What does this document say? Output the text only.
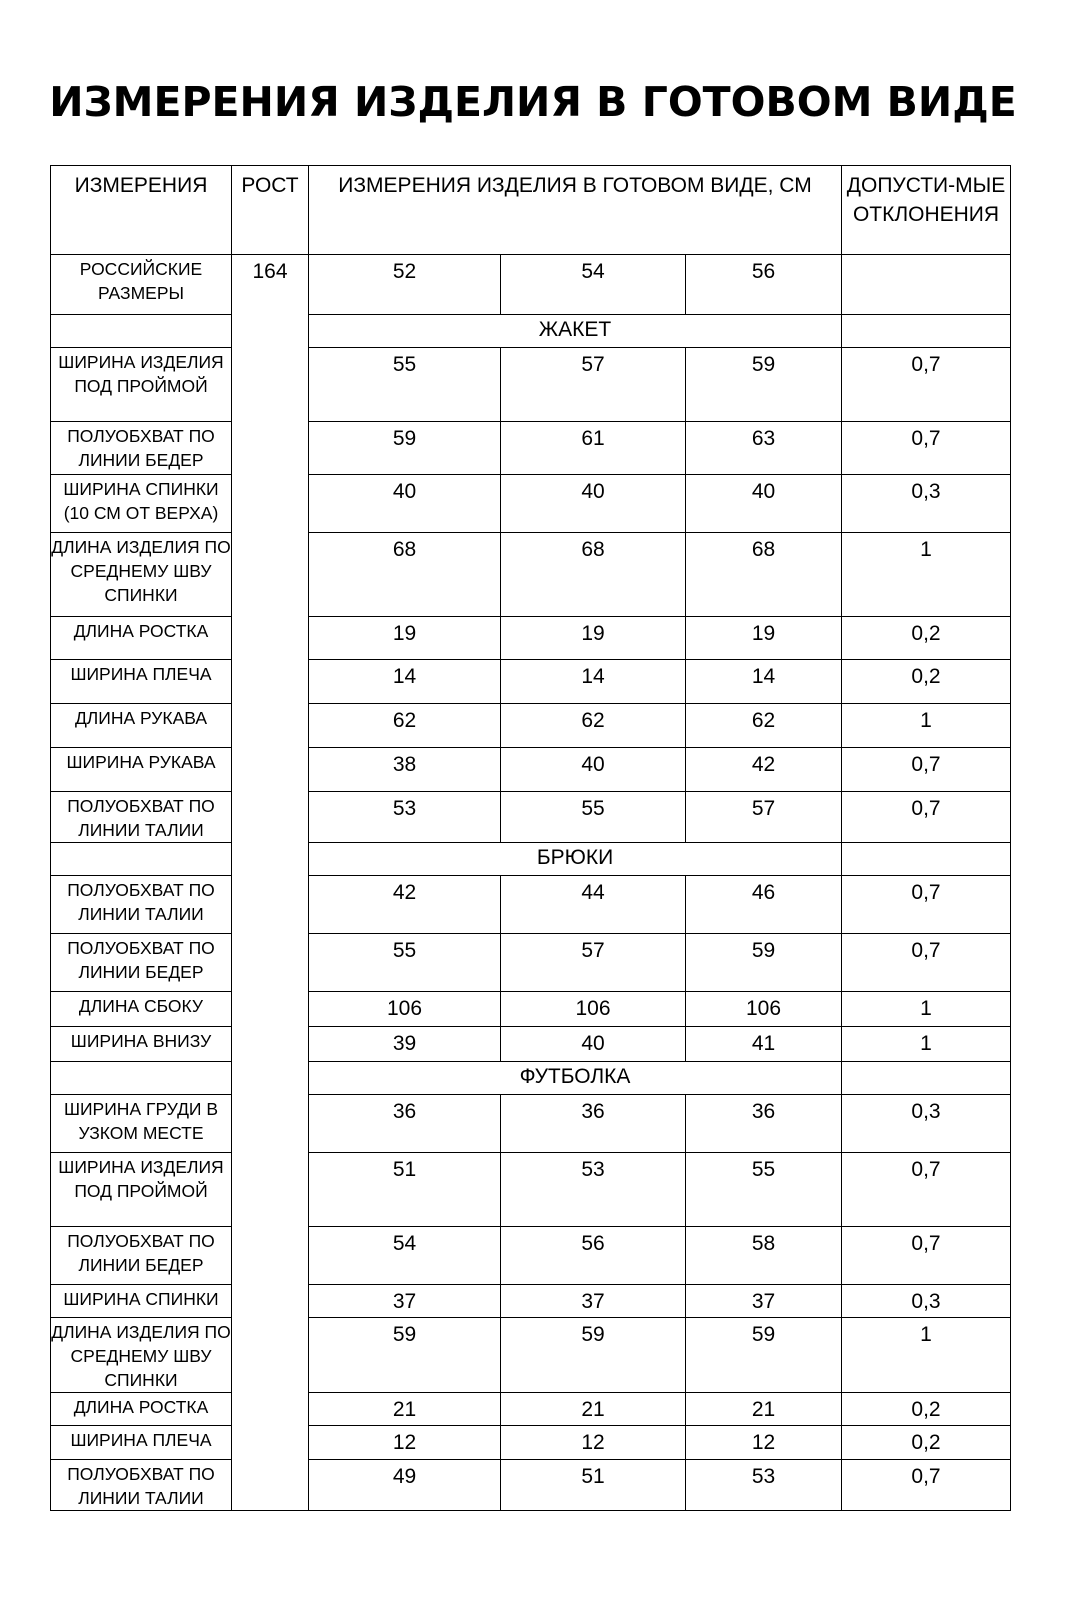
ИЗМЕРЕНИЯ ИЗДЕЛИЯ В ГОТОВОМ ВИДЕ
ИЗМЕРЕНИЯ	РОСТ	ИЗМЕРЕНИЯ ИЗДЕЛИЯ В ГОТОВОМ ВИДЕ, СМ			ДОПУСТИ-МЫЕ ОТКЛОНЕНИЯ
РОССИЙСКИЕ РАЗМЕРЫ	164	52	54	56	
		ЖАКЕТ			
ШИРИНА ИЗДЕЛИЯ ПОД ПРОЙМОЙ		55	57	59	0,7
ПОЛУОБХВАТ ПО ЛИНИИ БЕДЕР		59	61	63	0,7
ШИРИНА СПИНКИ (10 СМ ОТ ВЕРХА)		40	40	40	0,3
ДЛИНА ИЗДЕЛИЯ ПО СРЕДНЕМУ ШВУ СПИНКИ		68	68	68	1
ДЛИНА РОСТКА		19	19	19	0,2
ШИРИНА ПЛЕЧА		14	14	14	0,2
ДЛИНА РУКАВА		62	62	62	1
ШИРИНА РУКАВА		38	40	42	0,7
ПОЛУОБХВАТ ПО ЛИНИИ ТАЛИИ		53	55	57	0,7
		БРЮКИ			
ПОЛУОБХВАТ ПО ЛИНИИ ТАЛИИ		42	44	46	0,7
ПОЛУОБХВАТ ПО ЛИНИИ БЕДЕР		55	57	59	0,7
ДЛИНА СБОКУ		106	106	106	1
ШИРИНА ВНИЗУ		39	40	41	1
		ФУТБОЛКА			
ШИРИНА ГРУДИ В УЗКОМ МЕСТЕ		36	36	36	0,3
ШИРИНА ИЗДЕЛИЯ ПОД ПРОЙМОЙ		51	53	55	0,7
ПОЛУОБХВАТ ПО ЛИНИИ БЕДЕР		54	56	58	0,7
ШИРИНА СПИНКИ		37	37	37	0,3
ДЛИНА ИЗДЕЛИЯ ПО СРЕДНЕМУ ШВУ СПИНКИ		59	59	59	1
ДЛИНА РОСТКА		21	21	21	0,2
ШИРИНА ПЛЕЧА		12	12	12	0,2
ПОЛУОБХВАТ ПО ЛИНИИ ТАЛИИ		49	51	53	0,7
